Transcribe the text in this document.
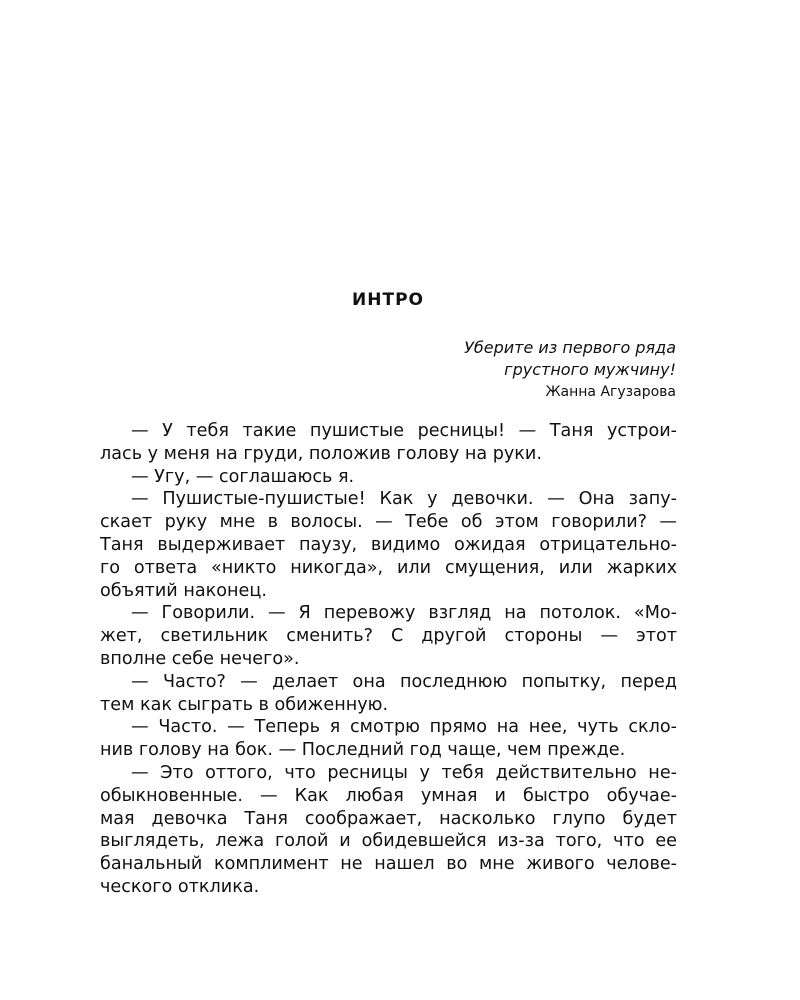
ИНТРО
Уберите из первого ряда
грустного мужчину!
Жанна Агузарова
— У тебя такие пушистые ресницы! — Таня устрои-
лась у меня на груди, положив голову на руки.
— Угу, — соглашаюсь я.
— Пушистые-пушистые! Как у девочки. — Она запу-
скает руку мне в волосы. — Тебе об этом говорили? —
Таня выдерживает паузу, видимо ожидая отрицательно-
го ответа «никто никогда», или смущения, или жарких
объятий наконец.
— Говорили. — Я перевожу взгляд на потолок. «Мо-
жет, светильник сменить? С другой стороны — этот
вполне себе нечего».
— Часто? — делает она последнюю попытку, перед
тем как сыграть в обиженную.
— Часто. — Теперь я смотрю прямо на нее, чуть скло-
нив голову на бок. — Последний год чаще, чем прежде.
— Это оттого, что ресницы у тебя действительно не-
обыкновенные. — Как любая умная и быстро обучае-
мая девочка Таня соображает, насколько глупо будет
выглядеть, лежа голой и обидевшейся из-за того, что ее
банальный комплимент не нашел во мне живого челове-
ческого отклика.
